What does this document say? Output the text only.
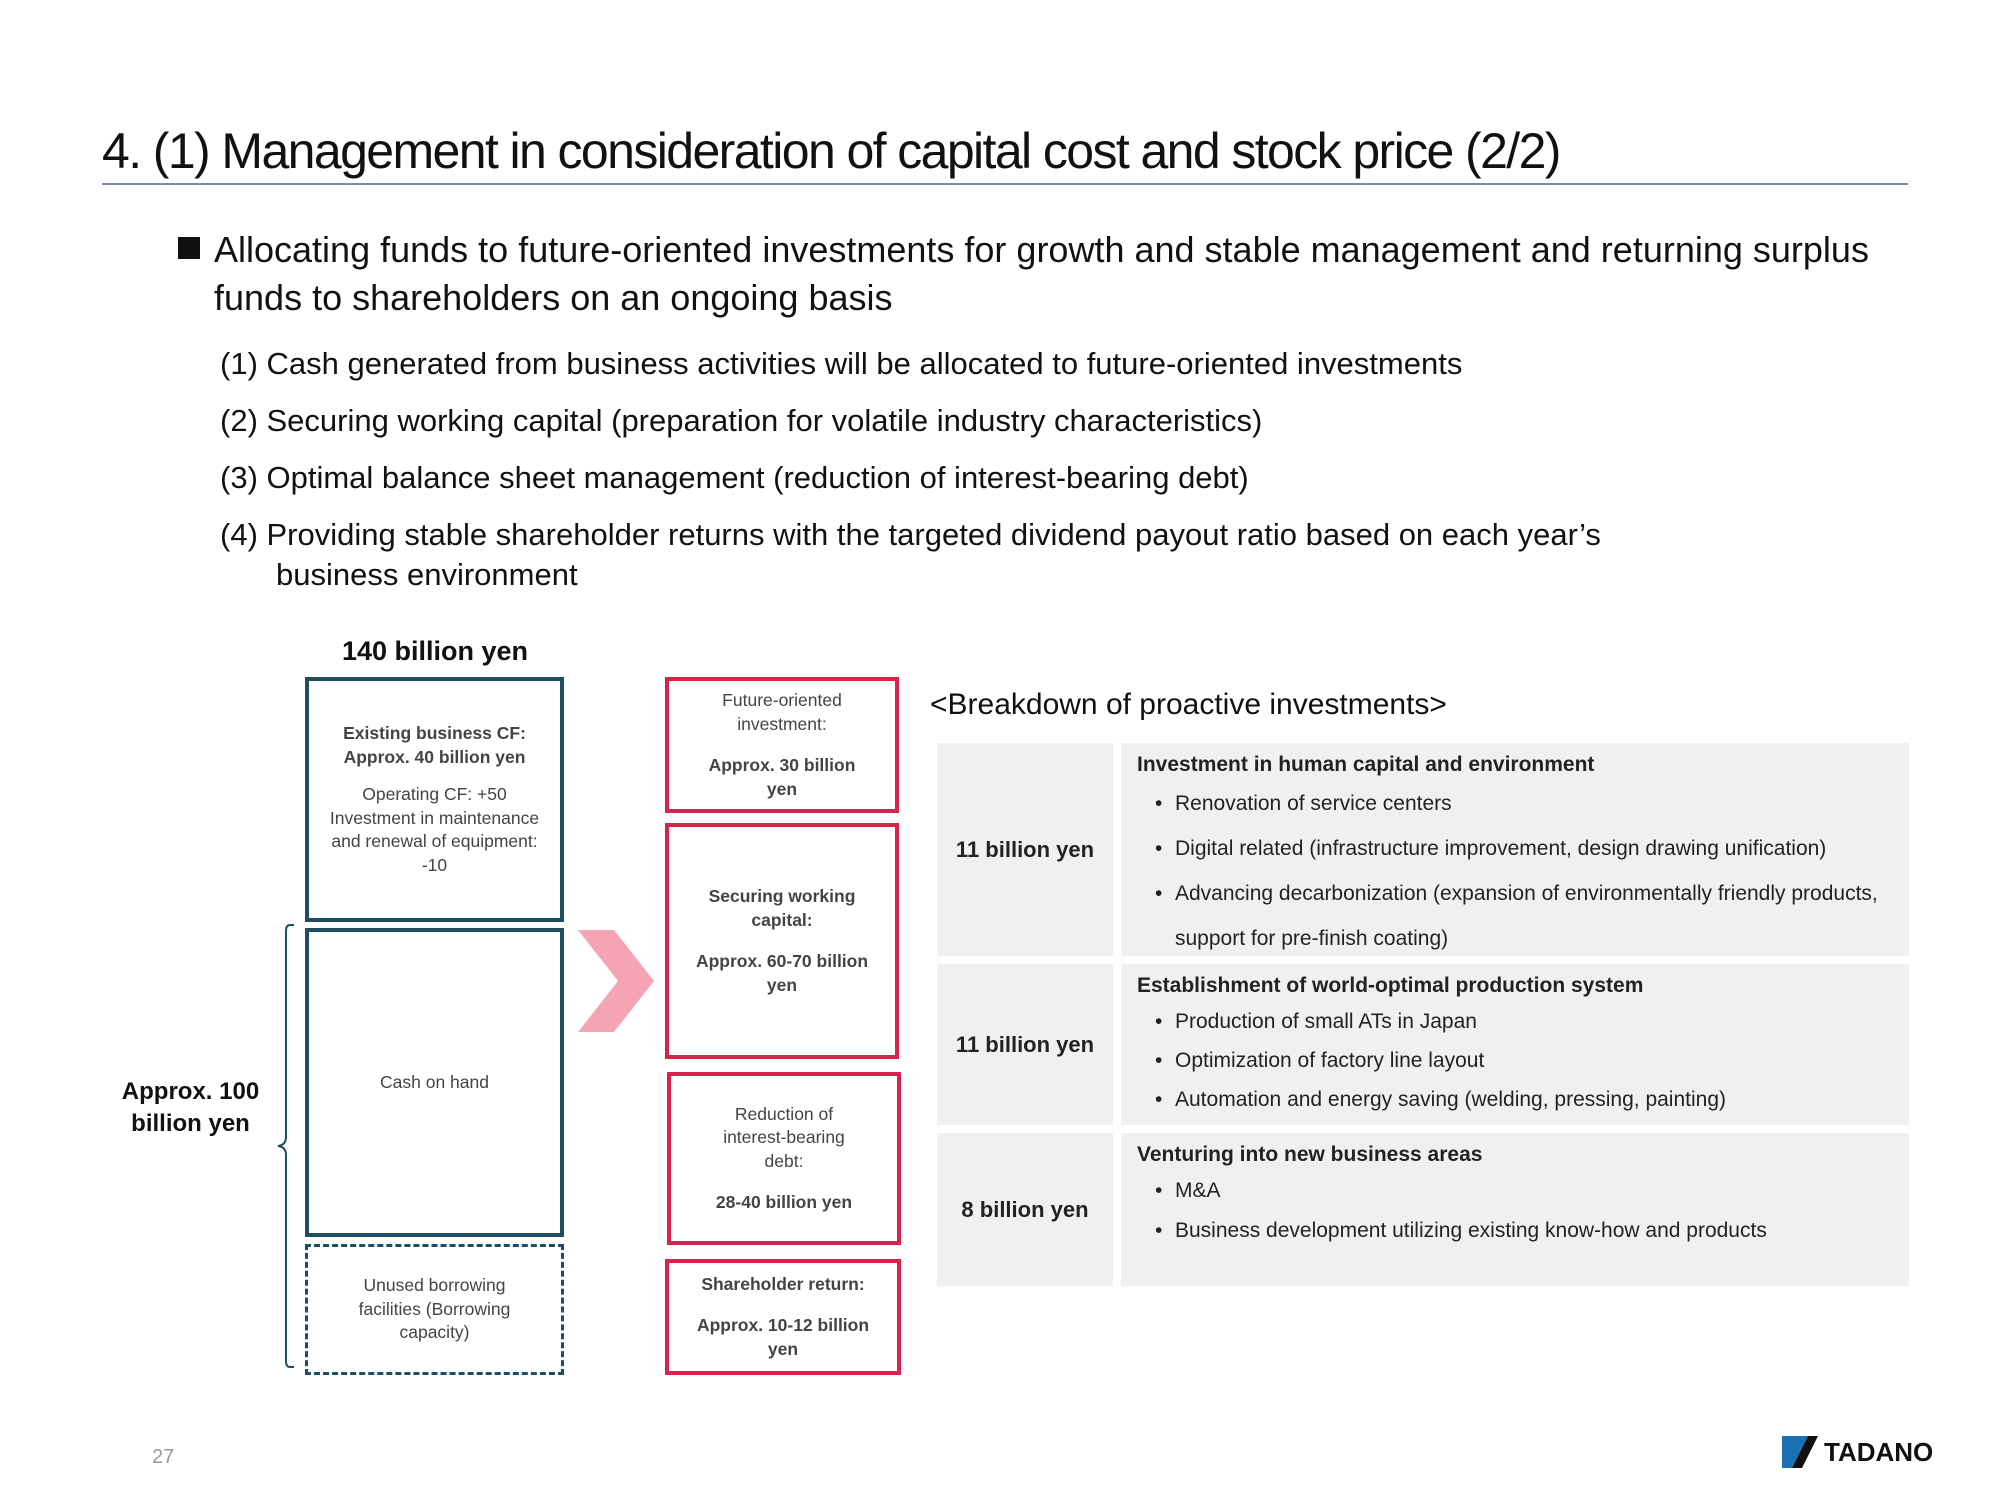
4. (1) Management in consideration of capital cost and stock price (2/2)
Allocating funds to future-oriented investments for growth and stable management and returning surplus funds to shareholders on an ongoing basis
(1) Cash generated from business activities will be allocated to future-oriented investments
(2) Securing working capital (preparation for volatile industry characteristics)
(3) Optimal balance sheet management (reduction of interest-bearing debt)
(4) Providing stable shareholder returns with the targeted dividend payout ratio based on each year’s
business environment
140 billion yen
Existing business CF: Approx. 40 billion yen
Operating CF: +50 Investment in maintenance and renewal of equipment: -10
Cash on hand
Unused borrowing facilities (Borrowing capacity)
Approx. 100 billion yen
Future-oriented investment:
Approx. 30 billion yen
Securing working capital:
Approx. 60-70 billion yen
Reduction of interest-bearing debt:
28-40 billion yen
Shareholder return:
Approx. 10-12 billion yen
<Breakdown of proactive investments>
11 billion yen
Investment in human capital and environment
• Renovation of service centers
• Digital related (infrastructure improvement, design drawing unification)
• Advancing decarbonization (expansion of environmentally friendly products, support for pre-finish coating)
11 billion yen
Establishment of world-optimal production system
• Production of small ATs in Japan
• Optimization of factory line layout
• Automation and energy saving (welding, pressing, painting)
8 billion yen
Venturing into new business areas
• M&A
• Business development utilizing existing know-how and products
27	TADANO
